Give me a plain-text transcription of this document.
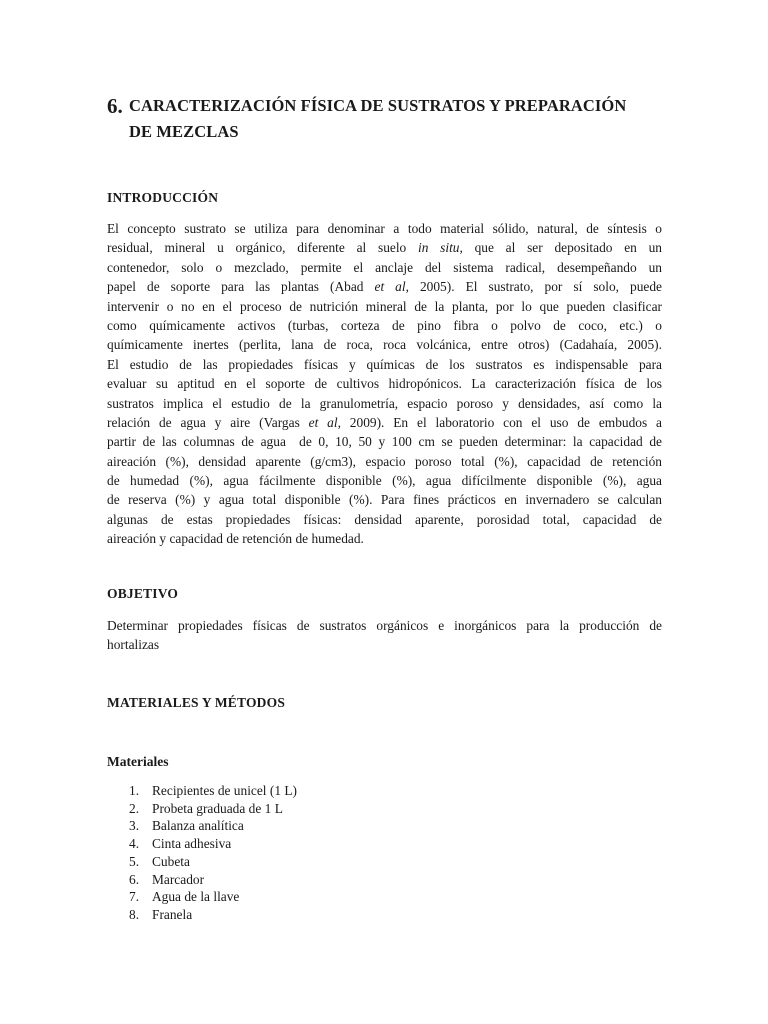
6. CARACTERIZACIÓN FÍSICA DE SUSTRATOS Y PREPARACIÓN
DE MEZCLAS
INTRODUCCIÓN
El concepto sustrato se utiliza para denominar a todo material sólido, natural, de síntesis o
residual, mineral u orgánico, diferente al suelo in situ, que al ser depositado en un
contenedor, solo o mezclado, permite el anclaje del sistema radical, desempeñando un
papel de soporte para las plantas (Abad et al, 2005). El sustrato, por sí solo, puede
intervenir o no en el proceso de nutrición mineral de la planta, por lo que pueden clasificar
como químicamente activos (turbas, corteza de pino fibra o polvo de coco, etc.) o
químicamente inertes (perlita, lana de roca, roca volcánica, entre otros) (Cadahaía, 2005).
El estudio de las propiedades físicas y químicas de los sustratos es indispensable para
evaluar su aptitud en el soporte de cultivos hidropónicos. La caracterización física de los
sustratos implica el estudio de la granulometría, espacio poroso y densidades, así como la
relación de agua y aire (Vargas et al, 2009). En el laboratorio con el uso de embudos a
partir de las columnas de agua  de 0, 10, 50 y 100 cm se pueden determinar: la capacidad de
aireación (%), densidad aparente (g/cm3), espacio poroso total (%), capacidad de retención
de humedad (%), agua fácilmente disponible (%), agua difícilmente disponible (%), agua
de reserva (%) y agua total disponible (%). Para fines prácticos en invernadero se calculan
algunas de estas propiedades físicas: densidad aparente, porosidad total, capacidad de
aireación y capacidad de retención de humedad.
OBJETIVO
Determinar propiedades físicas de sustratos orgánicos e inorgánicos para la producción de
hortalizas
MATERIALES Y MÉTODOS
Materiales
1. Recipientes de unicel (1 L)
2. Probeta graduada de 1 L
3. Balanza analítica
4. Cinta adhesiva
5. Cubeta
6. Marcador
7. Agua de la llave
8. Franela
